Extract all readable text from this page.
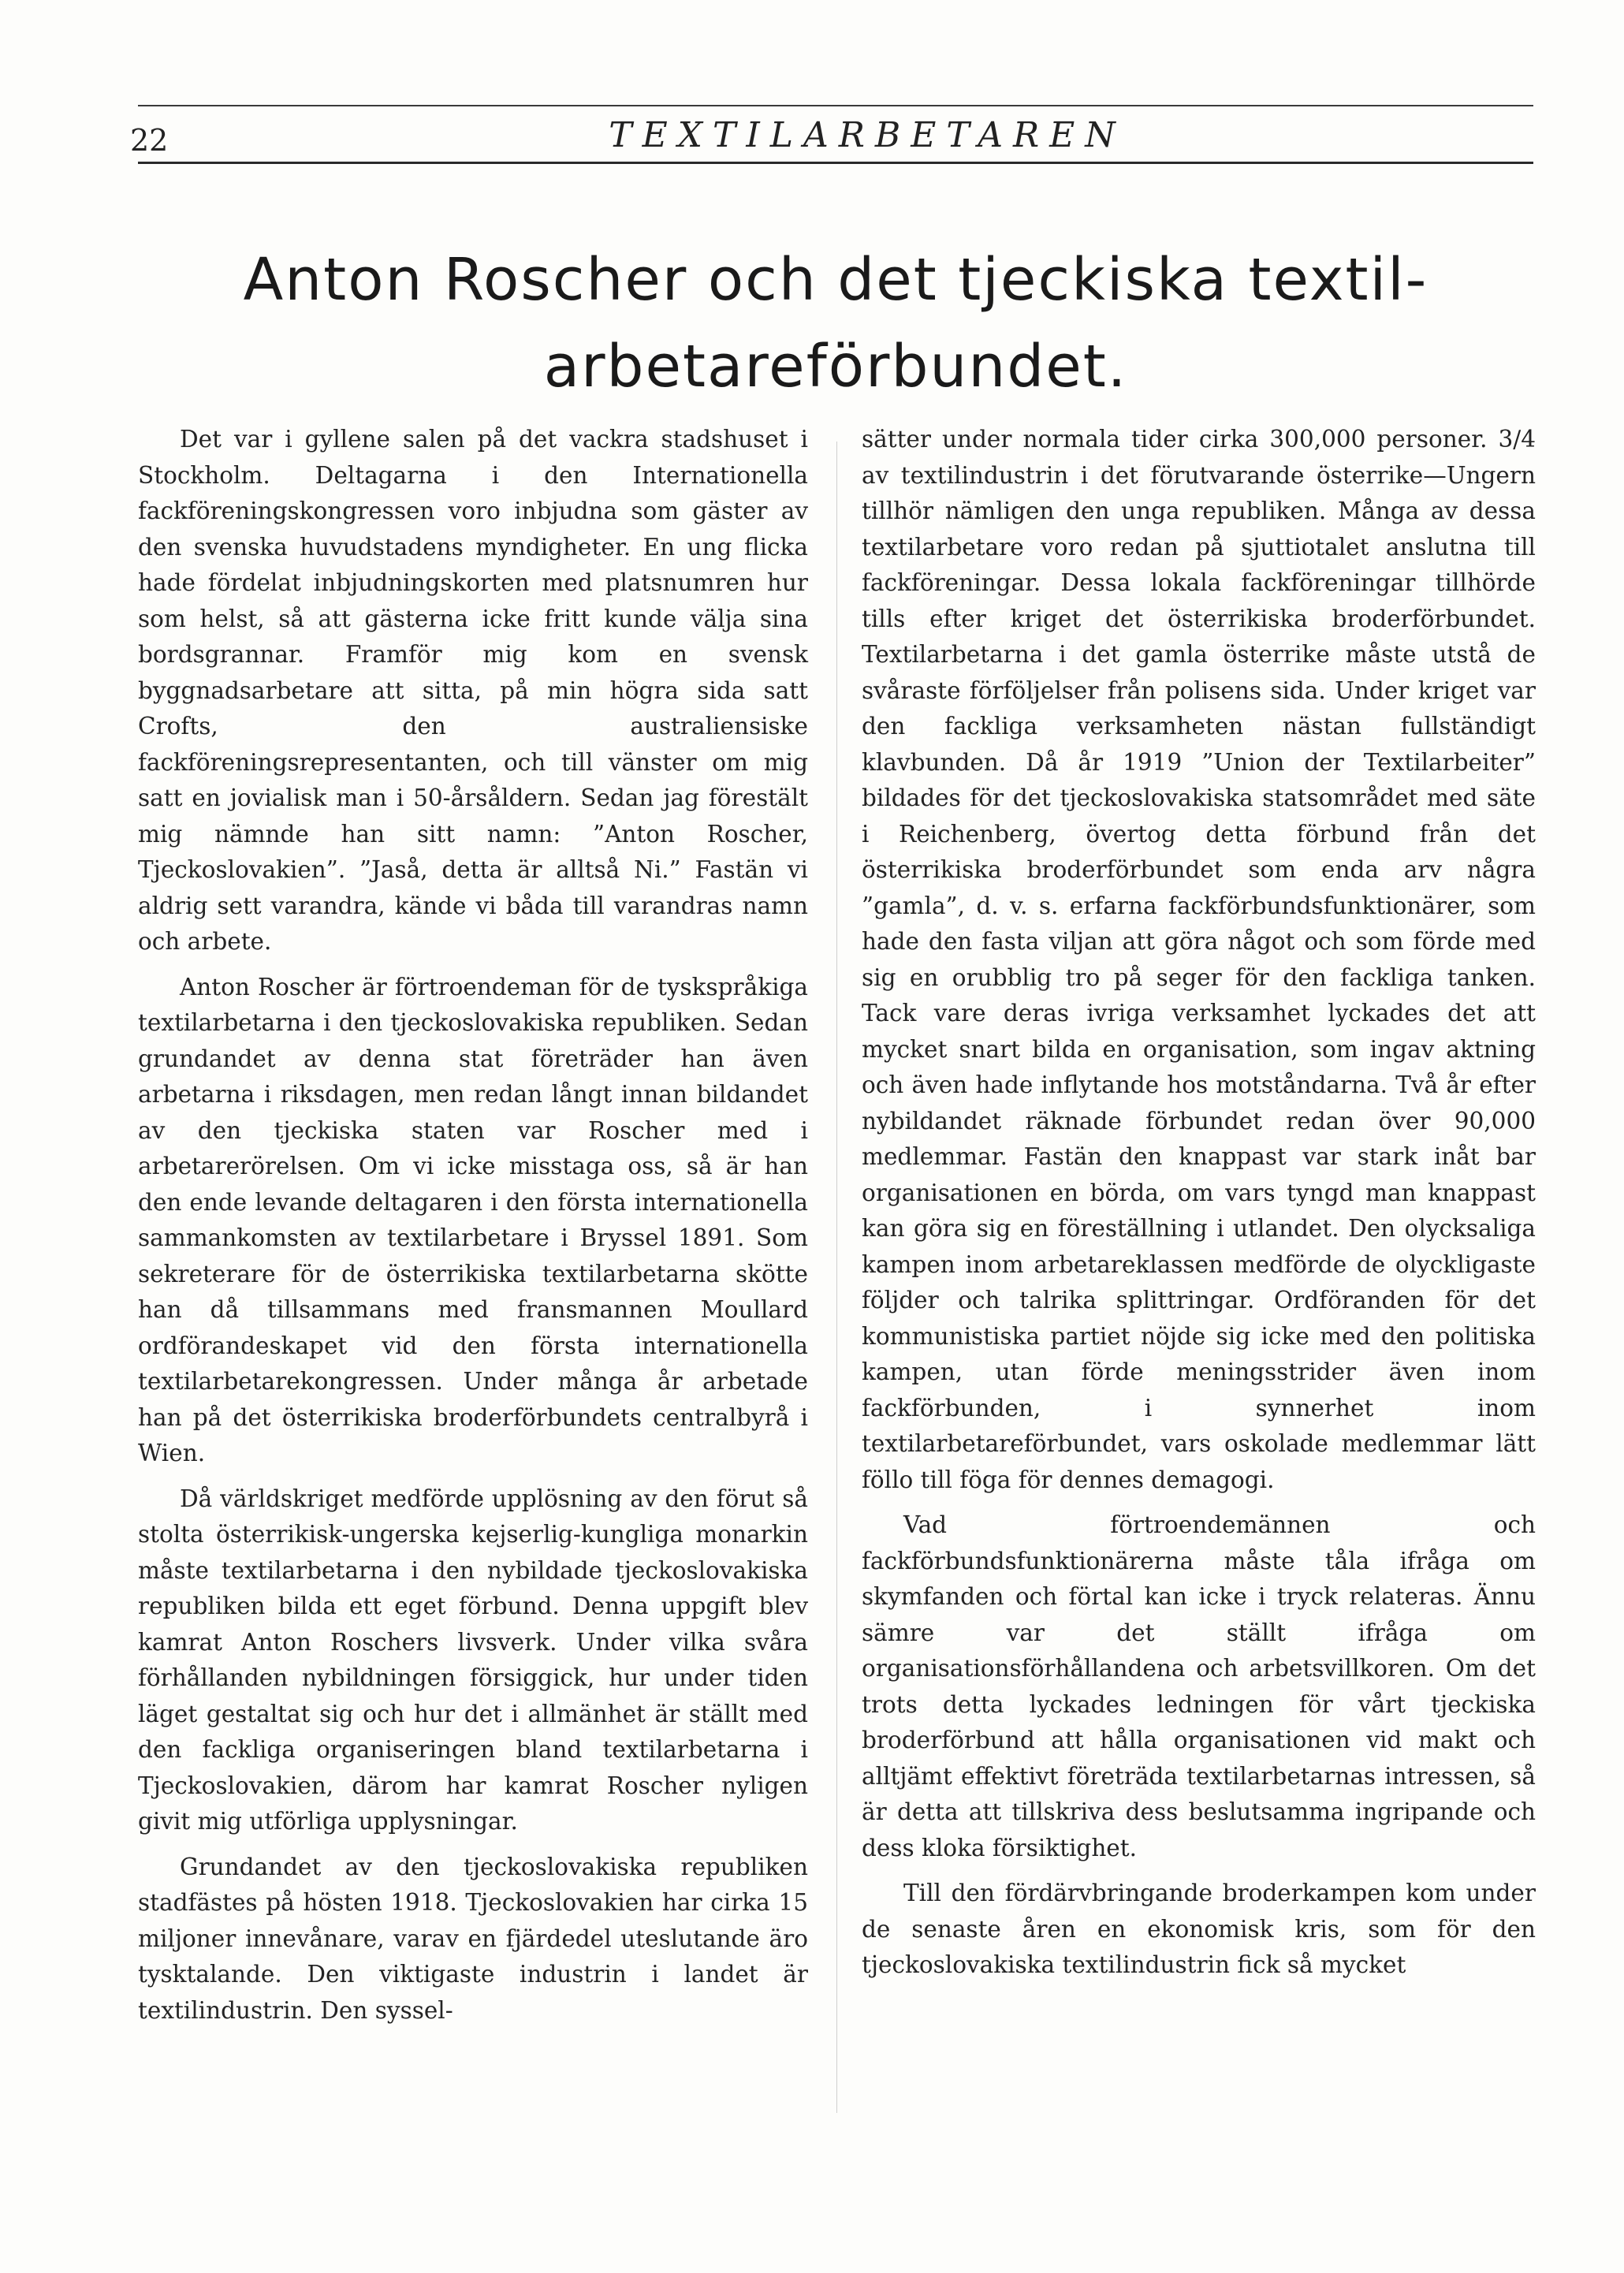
22	TEXTILARBETAREN
Anton Roscher och det tjeckiska textil-
arbetareförbundet.

Det var i gyllene salen på det vackra stadshuset i Stockholm. Deltagarna i den Internationella fackföreningskongressen voro inbjudna som gäster av den svenska huvudstadens myndigheter. En ung flicka hade fördelat inbjudningskorten med platsnumren hur som helst, så att gästerna icke fritt kunde välja sina bordsgrannar. Framför mig kom en svensk byggnadsarbetare att sitta, på min högra sida satt Crofts, den australiensiske fackföreningsrepresentanten, och till vänster om mig satt en jovialisk man i 50-årsåldern. Sedan jag förestält mig nämnde han sitt namn: ”Anton Roscher, Tjeckoslovakien”. ”Jaså, detta är alltså Ni.” Fastän vi aldrig sett varandra, kände vi båda till varandras namn och arbete.

Anton Roscher är förtroendeman för de tyskspråkiga textilarbetarna i den tjeckoslovakiska republiken. Sedan grundandet av denna stat företräder han även arbetarna i riksdagen, men redan långt innan bildandet av den tjeckiska staten var Roscher med i arbetarerörelsen. Om vi icke misstaga oss, så är han den ende levande deltagaren i den första internationella sammankomsten av textilarbetare i Bryssel 1891. Som sekreterare för de österrikiska textilarbetarna skötte han då tillsammans med fransmannen Moullard ordförandeskapet vid den första internationella textilarbetarekongressen. Under många år arbetade han på det österrikiska broderförbundets centralbyrå i Wien.

Då världskriget medförde upplösning av den förut så stolta österrikisk-ungerska kejserlig-kungliga monarkin måste textilarbetarna i den nybildade tjeckoslovakiska republiken bilda ett eget förbund. Denna uppgift blev kamrat Anton Roschers livsverk. Under vilka svåra förhållanden nybildningen försiggick, hur under tiden läget gestaltat sig och hur det i allmänhet är ställt med den fackliga organiseringen bland textilarbetarna i Tjeckoslovakien, därom har kamrat Roscher nyligen givit mig utförliga upplysningar.

Grundandet av den tjeckoslovakiska republiken stadfästes på hösten 1918. Tjeckoslovakien har cirka 15 miljoner innevånare, varav en fjärdedel uteslutande äro tysktalande. Den viktigaste industrin i landet är textilindustrin. Den syssel-

sätter under normala tider cirka 300,000 personer. 3/4 av textilindustrin i det förutvarande österrike—Ungern tillhör nämligen den unga republiken. Många av dessa textilarbetare voro redan på sjuttiotalet anslutna till fackföreningar. Dessa lokala fackföreningar tillhörde tills efter kriget det österrikiska broderförbundet. Textilarbetarna i det gamla österrike måste utstå de svåraste förföljelser från polisens sida. Under kriget var den fackliga verksamheten nästan fullständigt klavbunden. Då år 1919 ”Union der Textilarbeiter” bildades för det tjeckoslovakiska statsområdet med säte i Reichenberg, övertog detta förbund från det österrikiska broderförbundet som enda arv några ”gamla”, d. v. s. erfarna fackförbundsfunktionärer, som hade den fasta viljan att göra något och som förde med sig en orubblig tro på seger för den fackliga tanken. Tack vare deras ivriga verksamhet lyckades det att mycket snart bilda en organisation, som ingav aktning och även hade inflytande hos motståndarna. Två år efter nybildandet räknade förbundet redan över 90,000 medlemmar. Fastän den knappast var stark inåt bar organisationen en börda, om vars tyngd man knappast kan göra sig en föreställning i utlandet. Den olycksaliga kampen inom arbetareklassen medförde de olyckligaste följder och talrika splittringar. Ordföranden för det kommunistiska partiet nöjde sig icke med den politiska kampen, utan förde meningsstrider även inom fackförbunden, i synnerhet inom textilarbetareförbundet, vars oskolade medlemmar lätt föllo till föga för dennes demagogi.

Vad förtroendemännen och fackförbundsfunktionärerna måste tåla ifråga om skymfanden och förtal kan icke i tryck relateras. Ännu sämre var det ställt ifråga om organisationsförhållandena och arbetsvillkoren. Om det trots detta lyckades ledningen för vårt tjeckiska broderförbund att hålla organisationen vid makt och alltjämt effektivt företräda textilarbetarnas intressen, så är detta att tillskriva dess beslutsamma ingripande och dess kloka försiktighet.

Till den fördärvbringande broderkampen kom under de senaste åren en ekonomisk kris, som för den tjeckoslovakiska textilindustrin fick så mycket
